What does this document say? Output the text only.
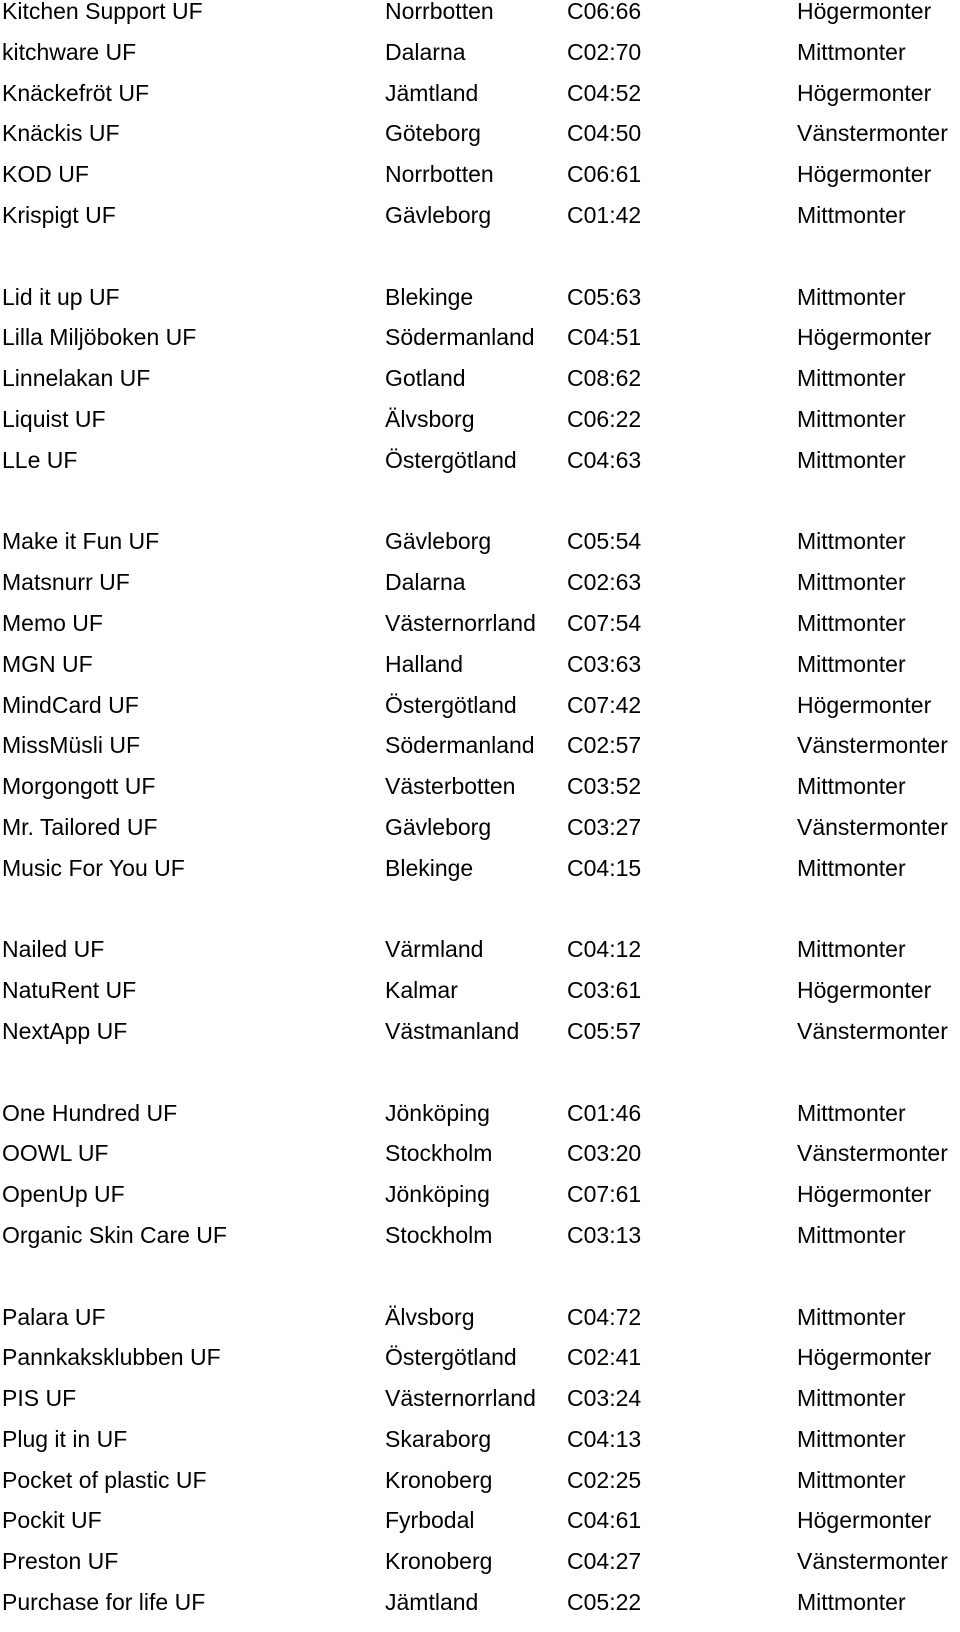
Kitchen Support UF	Norrbotten	C06:66	Högermonter
kitchware UF	Dalarna	C02:70	Mittmonter
Knäckefröt UF	Jämtland	C04:52	Högermonter
Knäckis UF	Göteborg	C04:50	Vänstermonter
KOD UF	Norrbotten	C06:61	Högermonter
Krispigt UF	Gävleborg	C01:42	Mittmonter
Lid it up UF	Blekinge	C05:63	Mittmonter
Lilla Miljöboken UF	Södermanland C04:51	Högermonter
Linnelakan UF	Gotland	C08:62	Mittmonter
Liquist UF	Älvsborg	C06:22	Mittmonter
LLe UF	Östergötland C04:63	Mittmonter
Make it Fun UF	Gävleborg	C05:54	Mittmonter
Matsnurr UF	Dalarna	C02:63	Mittmonter
Memo UF	Västernorrland C07:54	Mittmonter
MGN UF	Halland	C03:63	Mittmonter
MindCard UF	Östergötland C07:42	Högermonter
MissMüsli UF	Södermanland C02:57	Vänstermonter
Morgongott UF	Västerbotten C03:52	Mittmonter
Mr. Tailored UF	Gävleborg	C03:27	Vänstermonter
Music For You UF	Blekinge	C04:15	Mittmonter
Nailed UF	Värmland	C04:12	Mittmonter
NatuRent UF	Kalmar	C03:61	Högermonter
NextApp UF	Västmanland C05:57	Vänstermonter
One Hundred UF	Jönköping	C01:46	Mittmonter
OOWL UF	Stockholm	C03:20	Vänstermonter
OpenUp UF	Jönköping	C07:61	Högermonter
Organic Skin Care UF	Stockholm	C03:13	Mittmonter
Palara UF	Älvsborg	C04:72	Mittmonter
Pannkaksklubben UF	Östergötland C02:41	Högermonter
PIS UF	Västernorrland C03:24	Mittmonter
Plug it in UF	Skaraborg	C04:13	Mittmonter
Pocket of plastic UF	Kronoberg	C02:25	Mittmonter
Pockit UF	Fyrbodal	C04:61	Högermonter
Preston UF	Kronoberg	C04:27	Vänstermonter
Purchase for life UF	Jämtland	C05:22	Mittmonter
